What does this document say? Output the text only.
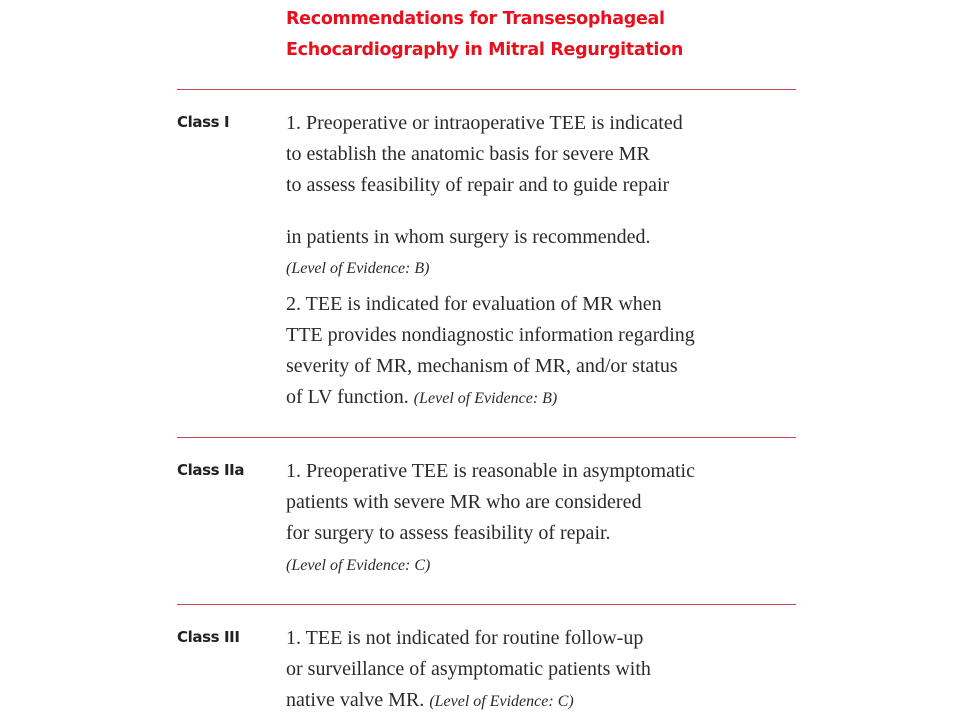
Recommendations for Transesophageal
Echocardiography in Mitral Regurgitation
Class I	1. Preoperative or intraoperative TEE is indicated
to establish the anatomic basis for severe MR
to assess feasibility of repair and to guide repair
in patients in whom surgery is recommended.
(Level of Evidence: B)
2. TEE is indicated for evaluation of MR when
TTE provides nondiagnostic information regarding
severity of MR, mechanism of MR, and/or status
of LV function. (Level of Evidence: B)
Class IIa 1. Preoperative TEE is reasonable in asymptomatic
patients with severe MR who are considered
for surgery to assess feasibility of repair.
(Level of Evidence: C)
Class III 1. TEE is not indicated for routine follow-up
or surveillance of asymptomatic patients with
native valve MR. (Level of Evidence: C)
